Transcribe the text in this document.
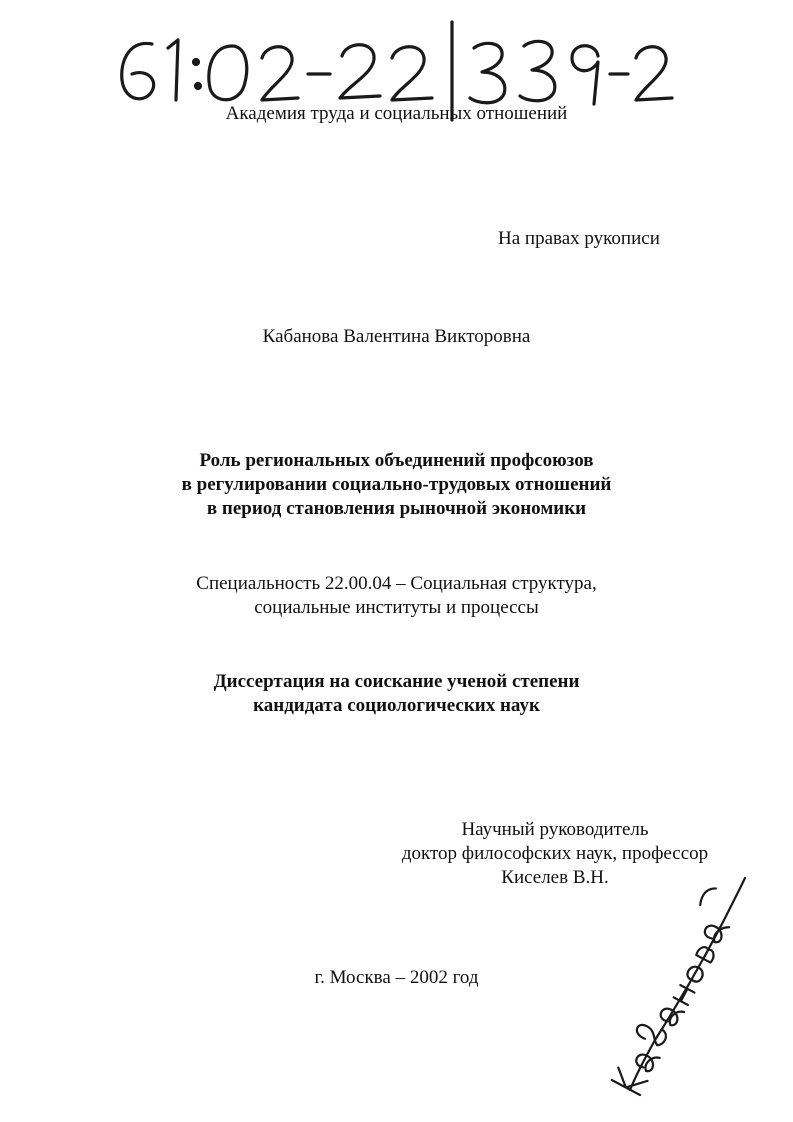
Академия труда и социальных отношений
На правах рукописи
Кабанова Валентина Викторовна
Роль региональных объединений профсоюзов
в регулировании социально-трудовых отношений
в период становления рыночной экономики
Специальность 22.00.04 – Социальная структура,
социальные институты и процессы
Диссертация на соискание ученой степени
кандидата социологических наук
Научный руководитель
доктор философских наук, профессор
Киселев В.Н.
г. Москва – 2002 год
